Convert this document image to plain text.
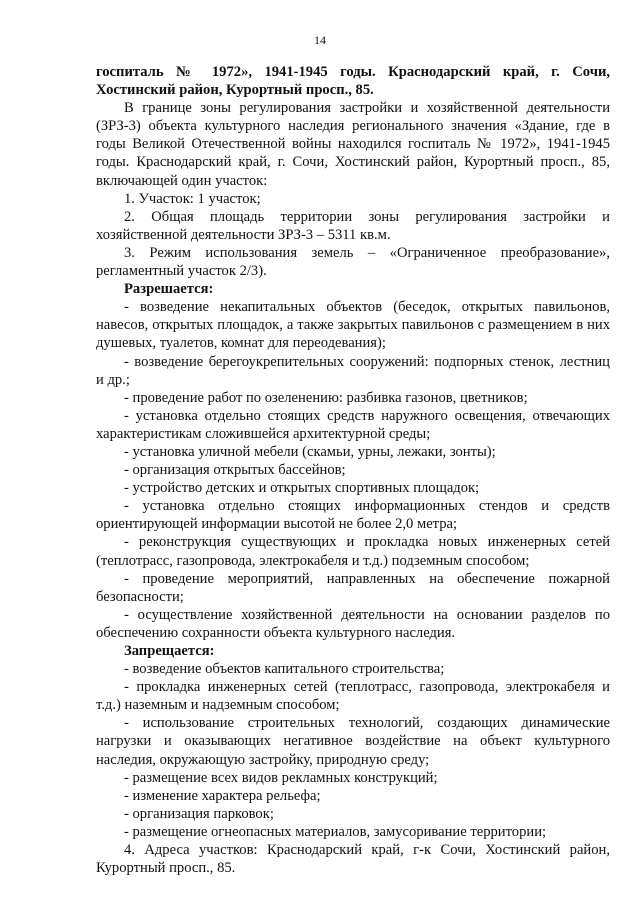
14

госпиталь № 1972», 1941-1945 годы. Краснодарский край, г. Сочи, Хостинский район, Курортный просп., 85.

В границе зоны регулирования застройки и хозяйственной деятельности (ЗРЗ-3) объекта культурного наследия регионального значения «Здание, где в годы Великой Отечественной войны находился госпиталь № 1972», 1941-1945 годы. Краснодарский край, г. Сочи, Хостинский район, Курортный просп., 85, включающей один участок:

1. Участок: 1 участок;

2. Общая площадь территории зоны регулирования застройки и хозяйственной деятельности ЗРЗ-3 – 5311 кв.м.

3. Режим использования земель – «Ограниченное преобразование», регламентный участок 2/3).

Разрешается:

- возведение некапитальных объектов (беседок, открытых павильонов, навесов, открытых площадок, а также закрытых павильонов с размещением в них душевых, туалетов, комнат для переодевания);

- возведение берегоукрепительных сооружений: подпорных стенок, лестниц и др.;

- проведение работ по озеленению: разбивка газонов, цветников;

- установка отдельно стоящих средств наружного освещения, отвечающих характеристикам сложившейся архитектурной среды;

- установка уличной мебели (скамьи, урны, лежаки, зонты);

- организация открытых бассейнов;

- устройство детских и открытых спортивных площадок;

- установка отдельно стоящих информационных стендов и средств ориентирующей информации высотой не более 2,0 метра;

- реконструкция существующих и прокладка новых инженерных сетей (теплотрасс, газопровода, электрокабеля и т.д.) подземным способом;

- проведение мероприятий, направленных на обеспечение пожарной безопасности;

- осуществление хозяйственной деятельности на основании разделов по обеспечению сохранности объекта культурного наследия.

Запрещается:

- возведение объектов капитального строительства;

- прокладка инженерных сетей (теплотрасс, газопровода, электрокабеля и т.д.) наземным и надземным способом;

- использование строительных технологий, создающих динамические нагрузки и оказывающих негативное воздействие на объект культурного наследия, окружающую застройку, природную среду;

- размещение всех видов рекламных конструкций;

- изменение характера рельефа;

- организация парковок;

- размещение огнеопасных материалов, замусоривание территории;

4. Адреса участков: Краснодарский край, г-к Сочи, Хостинский район, Курортный просп., 85.
